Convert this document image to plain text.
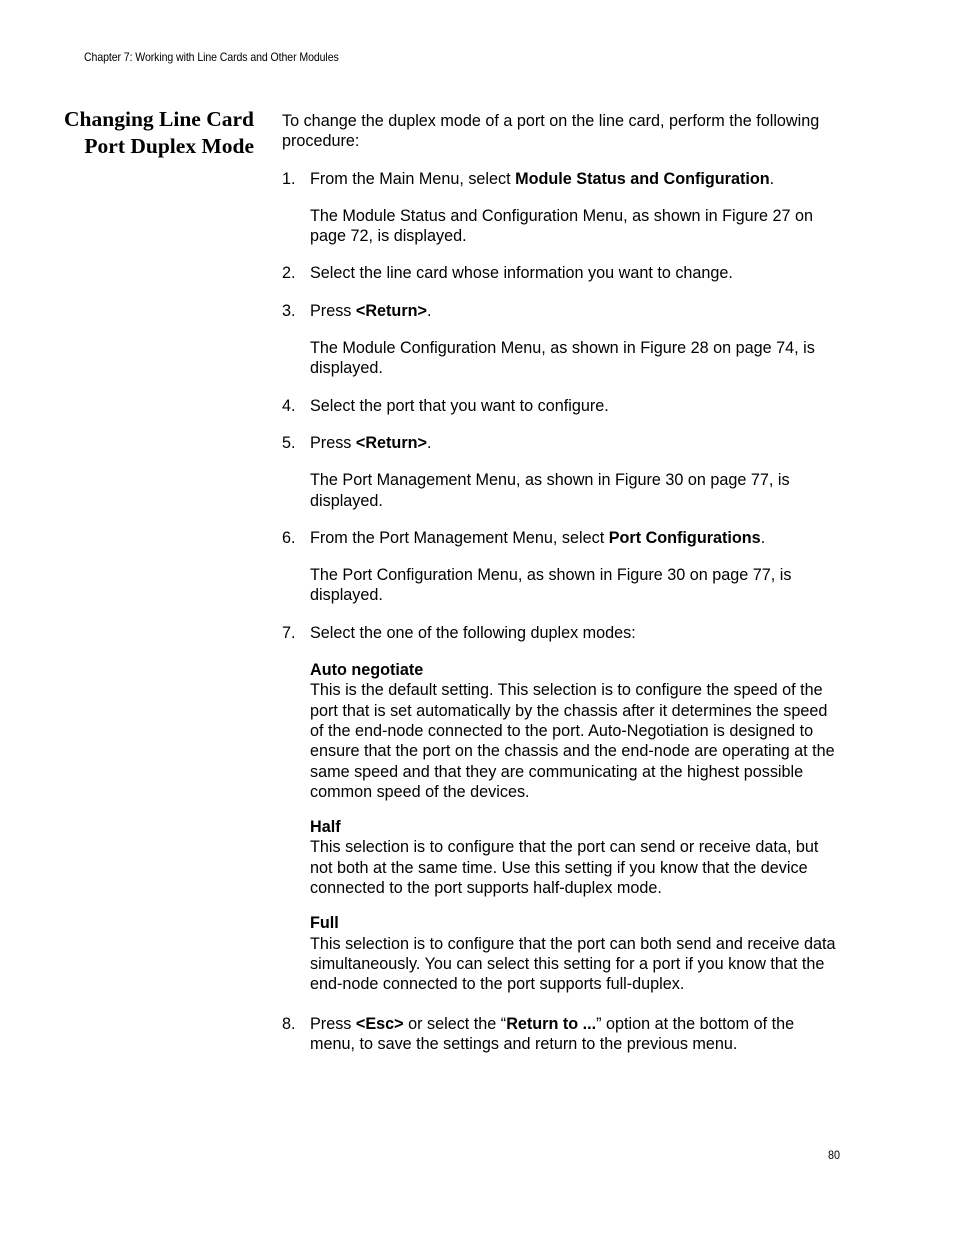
Chapter 7: Working with Line Cards and Other Modules
Changing Line Card Port Duplex Mode

To change the duplex mode of a port on the line card, perform the following procedure:

1. From the Main Menu, select Module Status and Configuration.

The Module Status and Configuration Menu, as shown in Figure 27 on page 72, is displayed.

2. Select the line card whose information you want to change.
3. Press <Return>.

The Module Configuration Menu, as shown in Figure 28 on page 74, is displayed.

4. Select the port that you want to configure.
5. Press <Return>.

The Port Management Menu, as shown in Figure 30 on page 77, is displayed.

6. From the Port Management Menu, select Port Configurations.

The Port Configuration Menu, as shown in Figure 30 on page 77, is displayed.

7. Select the one of the following duplex modes:
Auto negotiate
This is the default setting. This selection is to configure the speed of the port that is set automatically by the chassis after it determines the speed of the end-node connected to the port. Auto-Negotiation is designed to ensure that the port on the chassis and the end-node are operating at the same speed and that they are communicating at the highest possible common speed of the devices.
Half
This selection is to configure that the port can send or receive data, but not both at the same time. Use this setting if you know that the device connected to the port supports half-duplex mode.
Full
This selection is to configure that the port can both send and receive data simultaneously. You can select this setting for a port if you know that the end-node connected to the port supports full-duplex.
8. Press <Esc> or select the “Return to ...” option at the bottom of the menu, to save the settings and return to the previous menu.
80
